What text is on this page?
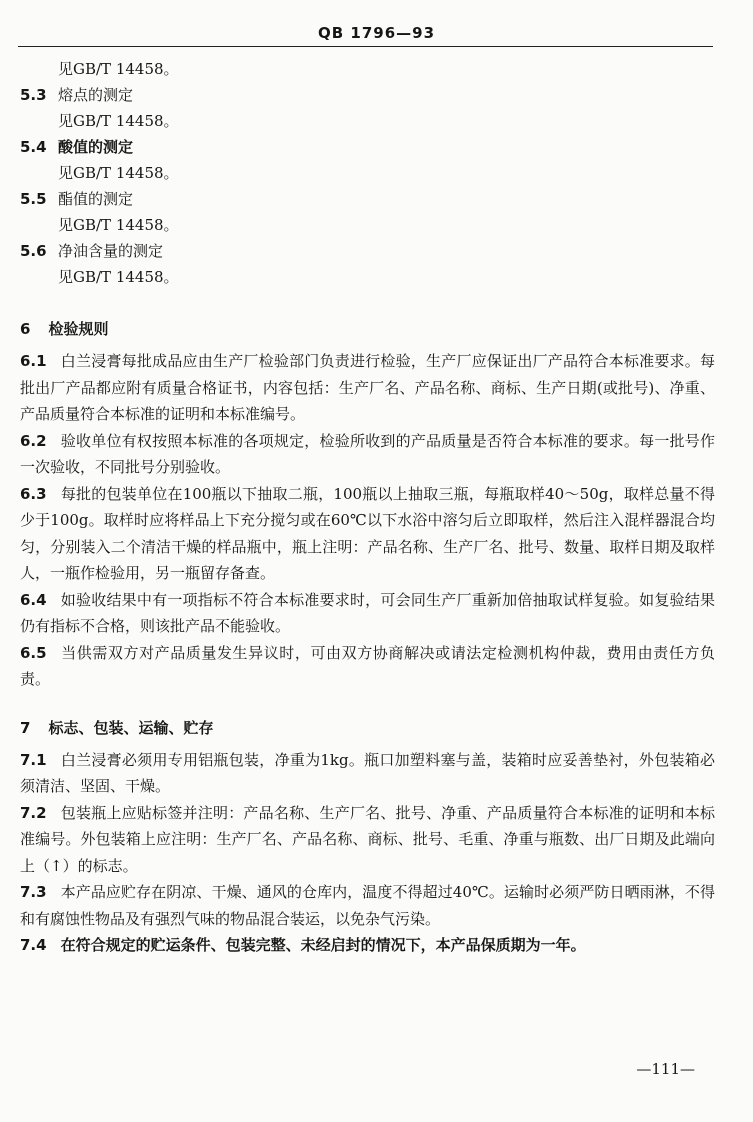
QB 1796—93
见GB/T 14458。
5.3 熔点的测定
见GB/T 14458。
5.4 酸值的测定
见GB/T 14458。
5.5 酯值的测定
见GB/T 14458。
5.6 净油含量的测定
见GB/T 14458。
6 检验规则
6.1 白兰浸膏每批成品应由生产厂检验部门负责进行检验，生产厂应保证出厂产品符合本标准要求。每批出厂产品都应附有质量合格证书，内容包括：生产厂名、产品名称、商标、生产日期(或批号)、净重、产品质量符合本标准的证明和本标准编号。
6.2 验收单位有权按照本标准的各项规定，检验所收到的产品质量是否符合本标准的要求。每一批号作一次验收，不同批号分别验收。
6.3 每批的包装单位在100瓶以下抽取二瓶，100瓶以上抽取三瓶，每瓶取样40～50g，取样总量不得少于100g。取样时应将样品上下充分搅匀或在60℃以下水浴中溶匀后立即取样，然后注入混样器混合均匀，分别装入二个清洁干燥的样品瓶中，瓶上注明：产品名称、生产厂名、批号、数量、取样日期及取样人，一瓶作检验用，另一瓶留存备查。
6.4 如验收结果中有一项指标不符合本标准要求时，可会同生产厂重新加倍抽取试样复验。如复验结果仍有指标不合格，则该批产品不能验收。
6.5 当供需双方对产品质量发生异议时，可由双方协商解决或请法定检测机构仲裁，费用由责任方负责。
7 标志、包装、运输、贮存
7.1 白兰浸膏必须用专用铝瓶包装，净重为1kg。瓶口加塑料塞与盖，装箱时应妥善垫衬，外包装箱必须清洁、坚固、干燥。
7.2 包装瓶上应贴标签并注明：产品名称、生产厂名、批号、净重、产品质量符合本标准的证明和本标准编号。外包装箱上应注明：生产厂名、产品名称、商标、批号、毛重、净重与瓶数、出厂日期及此端向上（↑）的标志。
7.3 本产品应贮存在阴凉、干燥、通风的仓库内，温度不得超过40℃。运输时必须严防日晒雨淋，不得和有腐蚀性物品及有强烈气味的物品混合装运，以免杂气污染。
7.4 在符合规定的贮运条件、包装完整、未经启封的情况下，本产品保质期为一年。
—111—
